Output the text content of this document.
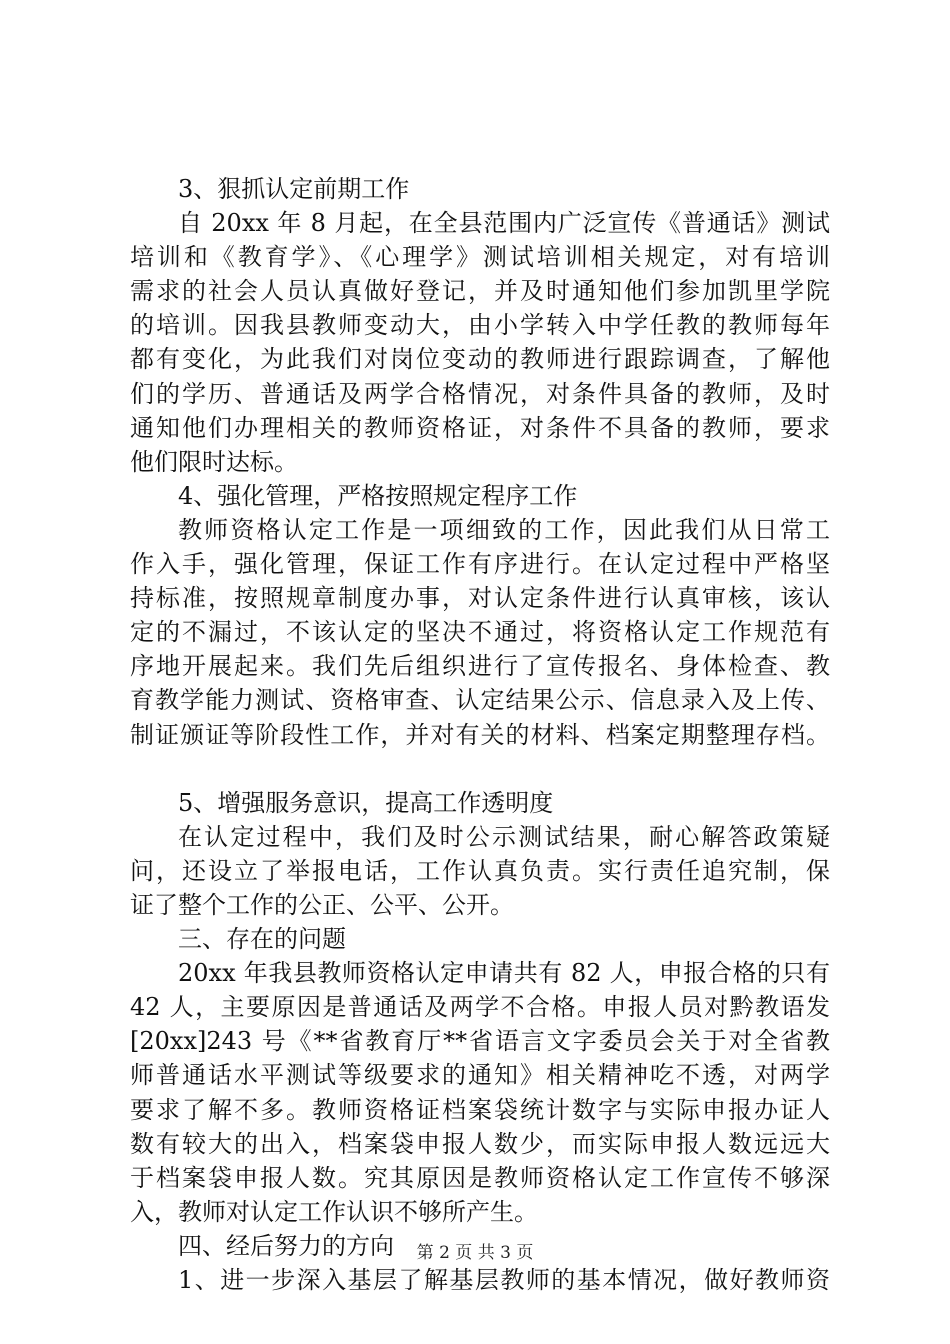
3、狠抓认定前期工作
自 20xx 年 8 月起，在全县范围内广泛宣传《普通话》测试
培训和《教育学》、《心理学》测试培训相关规定，对有培训
需求的社会人员认真做好登记，并及时通知他们参加凯里学院
的培训。因我县教师变动大，由小学转入中学任教的教师每年
都有变化，为此我们对岗位变动的教师进行跟踪调查，了解他
们的学历、普通话及两学合格情况，对条件具备的教师，及时
通知他们办理相关的教师资格证，对条件不具备的教师，要求
他们限时达标。
4、强化管理，严格按照规定程序工作
教师资格认定工作是一项细致的工作，因此我们从日常工
作入手，强化管理，保证工作有序进行。在认定过程中严格坚
持标准，按照规章制度办事，对认定条件进行认真审核，该认
定的不漏过，不该认定的坚决不通过，将资格认定工作规范有
序地开展起来。我们先后组织进行了宣传报名、身体检查、教
育教学能力测试、资格审查、认定结果公示、信息录入及上传、
制证颁证等阶段性工作，并对有关的材料、档案定期整理存档。
5、增强服务意识，提高工作透明度
在认定过程中，我们及时公示测试结果，耐心解答政策疑
问，还设立了举报电话，工作认真负责。实行责任追究制，保
证了整个工作的公正、公平、公开。
三、存在的问题
20xx 年我县教师资格认定申请共有 82 人，申报合格的只有
42 人，主要原因是普通话及两学不合格。申报人员对黔教语发
[20xx]243 号《**省教育厅**省语言文字委员会关于对全省教
师普通话水平测试等级要求的通知》相关精神吃不透，对两学
要求了解不多。教师资格证档案袋统计数字与实际申报办证人
数有较大的出入，档案袋申报人数少，而实际申报人数远远大
于档案袋申报人数。究其原因是教师资格认定工作宣传不够深
入，教师对认定工作认识不够所产生。
四、经后努力的方向
1、进一步深入基层了解基层教师的基本情况，做好教师资
第 2 页 共 3 页
